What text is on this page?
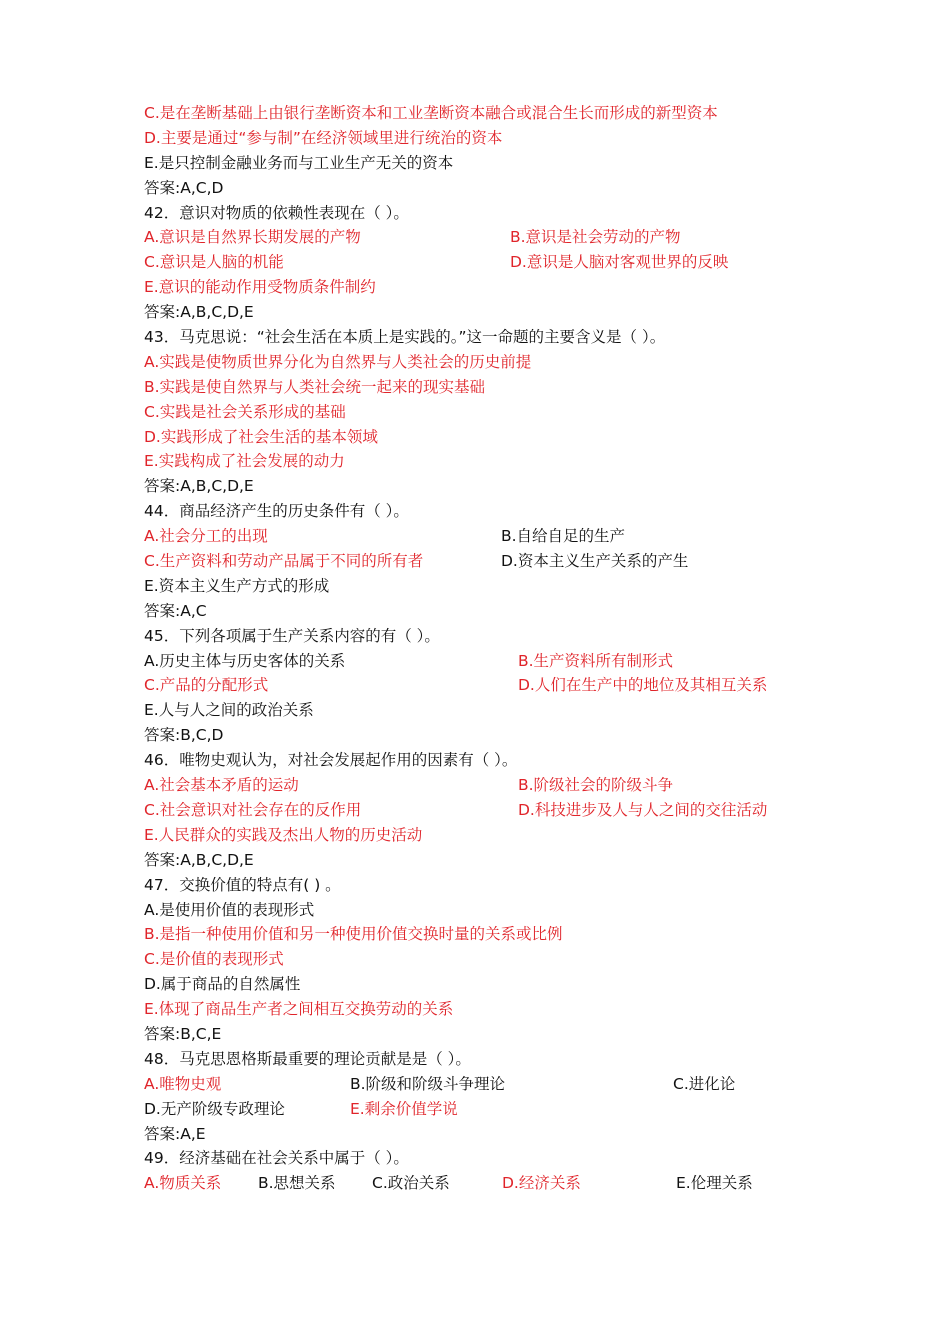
C.是在垄断基础上由银行垄断资本和工业垄断资本融合或混合生长而形成的新型资本
D.主要是通过“参与制”在经济领域里进行统治的资本
E.是只控制金融业务而与工业生产无关的资本
答案:A,C,D
42．意识对物质的依赖性表现在（ ）。
A.意识是自然界长期发展的产物	B.意识是社会劳动的产物
C.意识是人脑的机能	D.意识是人脑对客观世界的反映
E.意识的能动作用受物质条件制约
答案:A,B,C,D,E
43．马克思说：“社会生活在本质上是实践的。”这一命题的主要含义是（ ）。
A.实践是使物质世界分化为自然界与人类社会的历史前提
B.实践是使自然界与人类社会统一起来的现实基础
C.实践是社会关系形成的基础
D.实践形成了社会生活的基本领域
E.实践构成了社会发展的动力
答案:A,B,C,D,E
44．商品经济产生的历史条件有（ ）。
A.社会分工的出现	B.自给自足的生产
C.生产资料和劳动产品属于不同的所有者	D.资本主义生产关系的产生
E.资本主义生产方式的形成
答案:A,C
45．下列各项属于生产关系内容的有（ ）。
A.历史主体与历史客体的关系	B.生产资料所有制形式
C.产品的分配形式	D.人们在生产中的地位及其相互关系
E.人与人之间的政治关系
答案:B,C,D
46．唯物史观认为，对社会发展起作用的因素有（ ）。
A.社会基本矛盾的运动	B.阶级社会的阶级斗争
C.社会意识对社会存在的反作用	D.科技进步及人与人之间的交往活动
E.人民群众的实践及杰出人物的历史活动
答案:A,B,C,D,E
47．交换价值的特点有( ) 。
A.是使用价值的表现形式
B.是指一种使用价值和另一种使用价值交换时量的关系或比例
C.是价值的表现形式
D.属于商品的自然属性
E.体现了商品生产者之间相互交换劳动的关系
答案:B,C,E
48．马克思恩格斯最重要的理论贡献是是（ ）。
A.唯物史观	B.阶级和阶级斗争理论	C.进化论
D.无产阶级专政理论	E.剩余价值学说
答案:A,E
49．经济基础在社会关系中属于（ ）。
A.物质关系 B.思想关系 C.政治关系	D.经济关系	E.伦理关系
